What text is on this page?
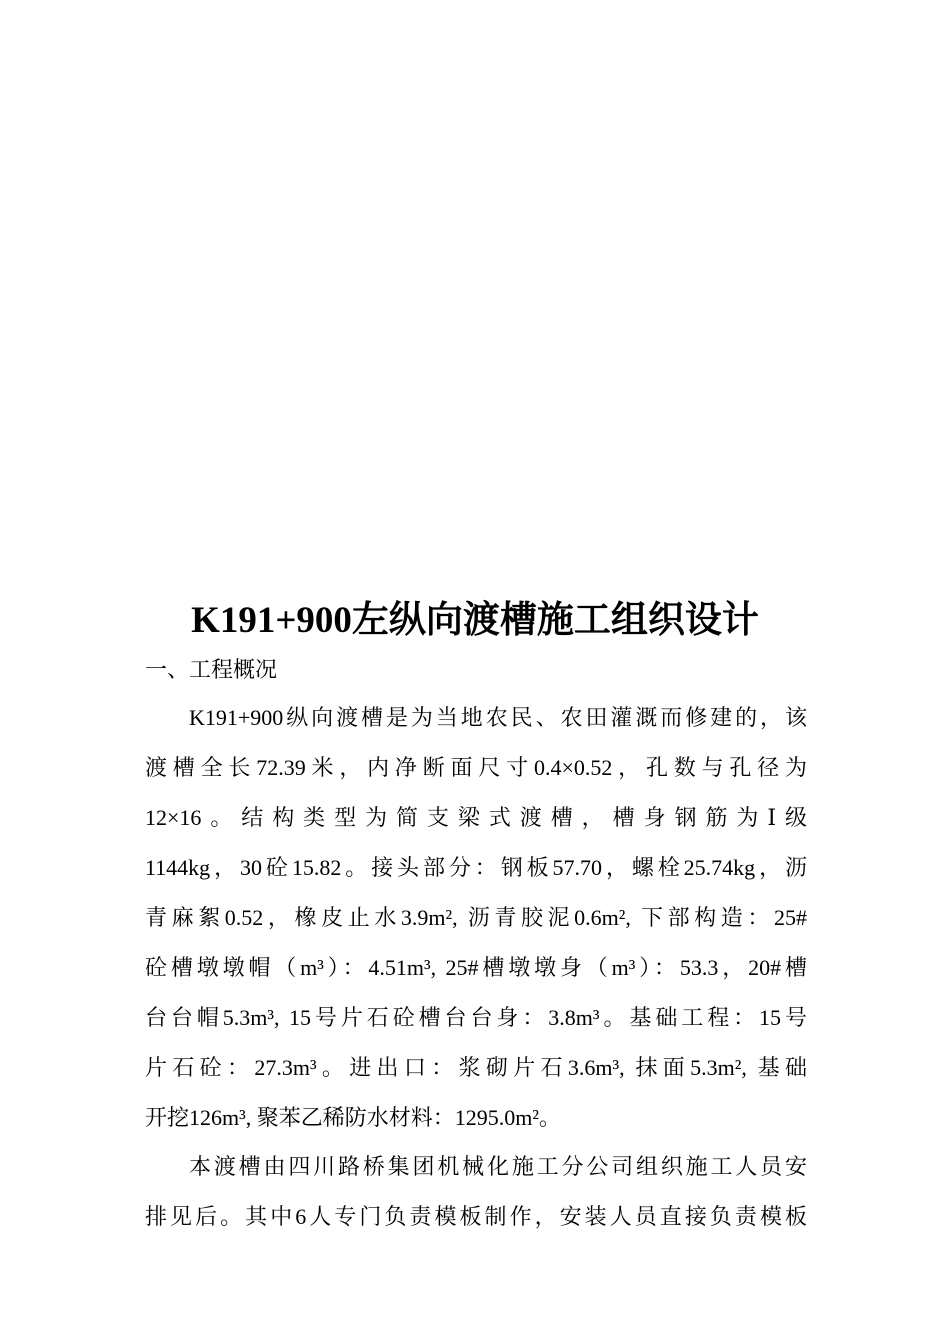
K191+900左纵向渡槽施工组织设计
一、工程概况
K191+900纵向渡槽是为当地农民、农田灌溉而修建的，该
渡槽全长72.39米，内净断面尺寸0.4×0.52，孔数与孔径为
12×16。结构类型为简支梁式渡槽，槽身钢筋为Ⅰ级
1144kg，30砼15.82。接头部分：钢板57.70，螺栓25.74kg，沥
青麻絮0.52，橡皮止水3.9m², 沥青胶泥0.6m², 下部构造：25#
砼槽墩墩帽（m³）：4.51m³, 25#槽墩墩身（m³）：53.3，20#槽
台台帽5.3m³, 15号片石砼槽台台身：3.8m³。基础工程：15号
片石砼：27.3m³。进出口：浆砌片石3.6m³, 抹面5.3m², 基础
开挖126m³, 聚苯乙稀防水材料：1295.0m²。
本渡槽由四川路桥集团机械化施工分公司组织施工人员安
排见后。其中6人专门负责模板制作，安装人员直接负责模板
